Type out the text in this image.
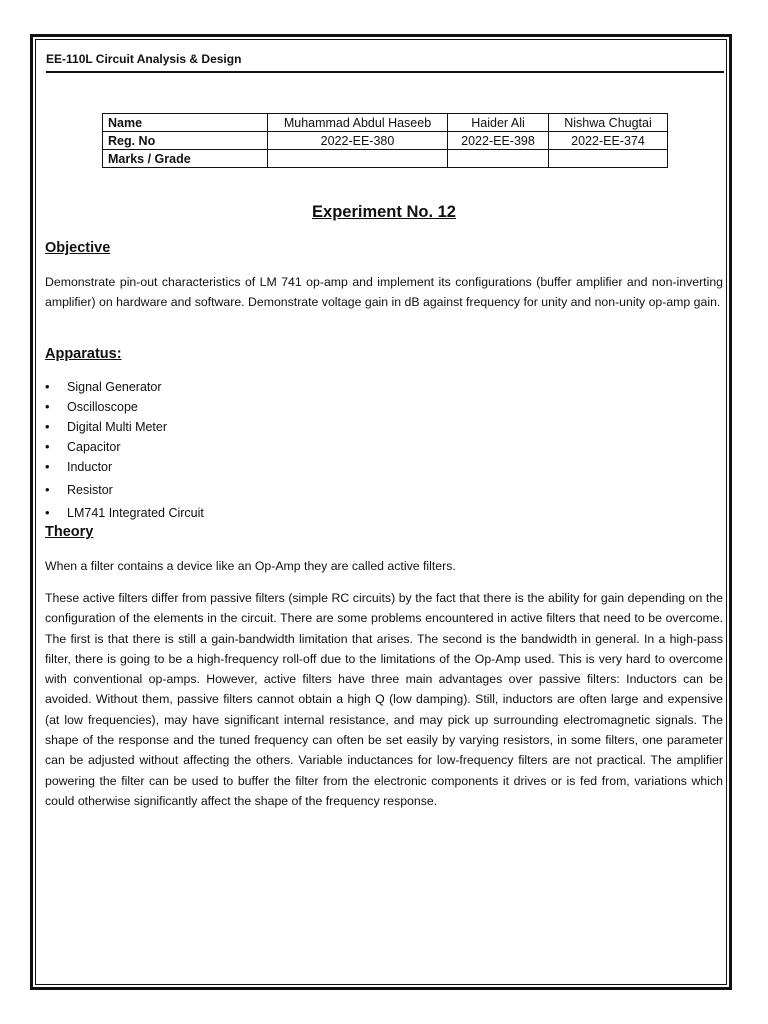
EE-110L Circuit Analysis & Design
Name	Muhammad Abdul Haseeb	Haider Ali	Nishwa Chugtai
Reg. No	2022-EE-380	2022-EE-398	2022-EE-374
Marks / Grade			
Experiment No. 12
Objective

Demonstrate pin-out characteristics of LM 741 op-amp and implement its configurations (buffer amplifier and non-inverting amplifier) on hardware and software. Demonstrate voltage gain in dB against frequency for unity and non-unity op-amp gain.

Apparatus:
• Signal Generator
• Oscilloscope
• Digital Multi Meter
• Capacitor
• Inductor
• Resistor
• LM741 Integrated Circuit
Theory

When a filter contains a device like an Op-Amp they are called active filters.

These active filters differ from passive filters (simple RC circuits) by the fact that there is the ability for gain depending on the configuration of the elements in the circuit. There are some problems encountered in active filters that need to be overcome. The first is that there is still a gain-bandwidth limitation that arises. The second is the bandwidth in general. In a high-pass filter, there is going to be a high-frequency roll-off due to the limitations of the Op-Amp used. This is very hard to overcome with conventional op-amps. However, active filters have three main advantages over passive filters: Inductors can be avoided. Without them, passive filters cannot obtain a high Q (low damping). Still, inductors are often large and expensive (at low frequencies), may have significant internal resistance, and may pick up surrounding electromagnetic signals. The shape of the response and the tuned frequency can often be set easily by varying resistors, in some filters, one parameter can be adjusted without affecting the others. Variable inductances for low-frequency filters are not practical. The amplifier powering the filter can be used to buffer the filter from the electronic components it drives or is fed from, variations which could otherwise significantly affect the shape of the frequency response.
